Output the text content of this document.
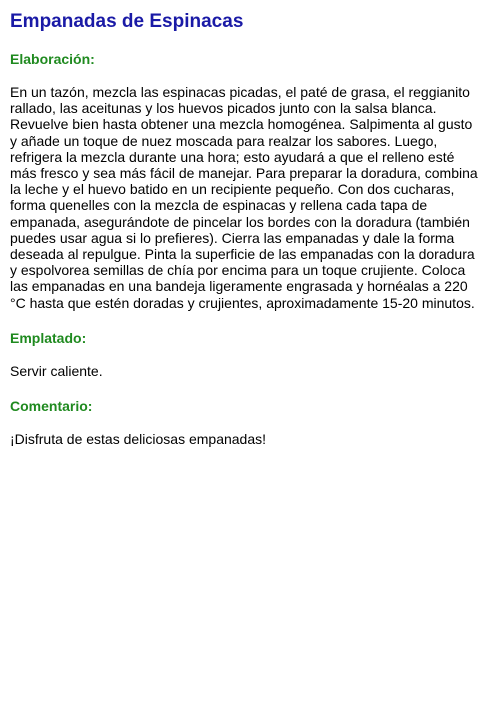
Empanadas de Espinacas
Elaboración:

En un tazón, mezcla las espinacas picadas, el paté de grasa, el reggianito rallado, las aceitunas y los huevos picados junto con la salsa blanca. Revuelve bien hasta obtener una mezcla homogénea. Salpimenta al gusto y añade un toque de nuez moscada para realzar los sabores. Luego, refrigera la mezcla durante una hora; esto ayudará a que el relleno esté más fresco y sea más fácil de manejar. Para preparar la doradura, combina la leche y el huevo batido en un recipiente pequeño. Con dos cucharas, forma quenelles con la mezcla de espinacas y rellena cada tapa de empanada, asegurándote de pincelar los bordes con la doradura (también puedes usar agua si lo prefieres). Cierra las empanadas y dale la forma deseada al repulgue. Pinta la superficie de las empanadas con la doradura y espolvorea semillas de chía por encima para un toque crujiente. Coloca las empanadas en una bandeja ligeramente engrasada y hornéalas a 220 °C hasta que estén doradas y crujientes, aproximadamente 15-20 minutos.

Emplatado:

Servir caliente.

Comentario:

¡Disfruta de estas deliciosas empanadas!
